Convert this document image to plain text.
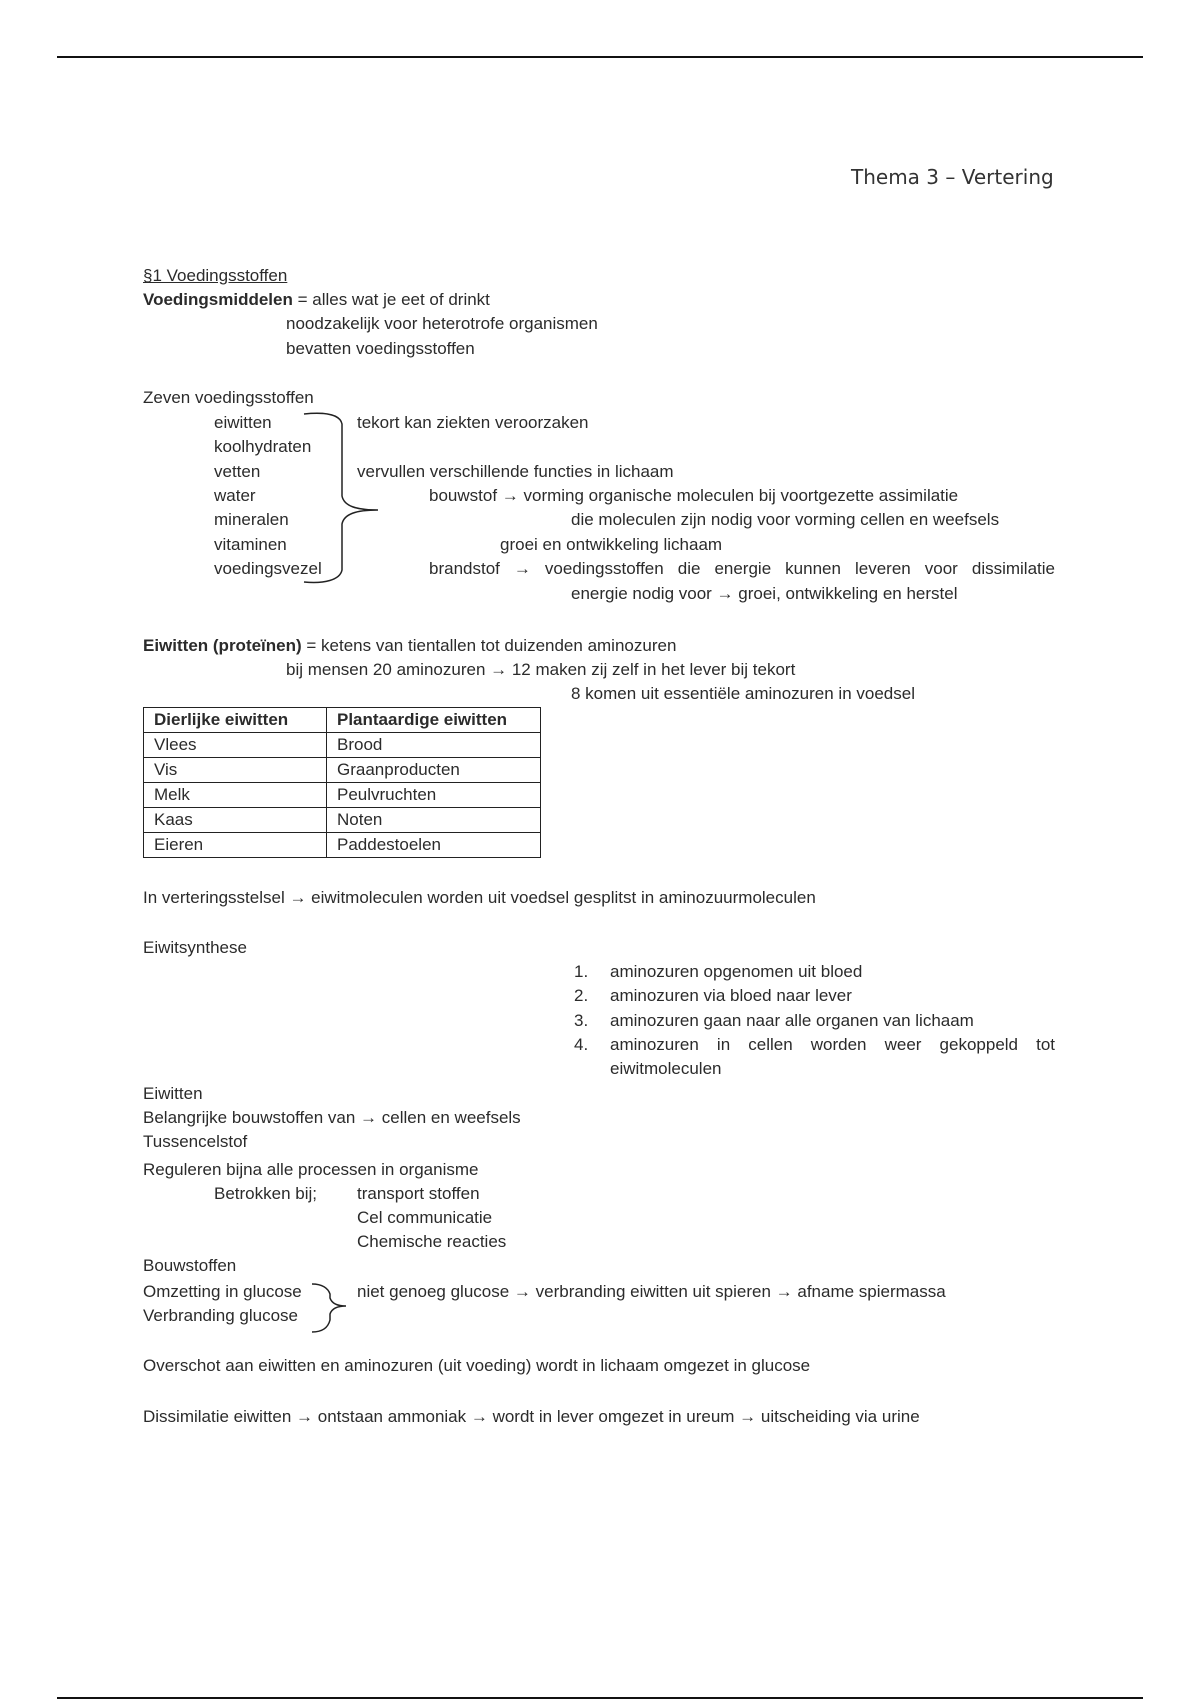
Thema 3 – Vertering
§1 Voedingsstoffen
Voedingsmiddelen = alles wat je eet of drinkt
noodzakelijk voor heterotrofe organismen
bevatten voedingsstoffen
Zeven voedingsstoffen
eiwitten
koolhydraten
vetten
water
mineralen
vitaminen
voedingsvezel
tekort kan ziekten veroorzaken
vervullen verschillende functies in lichaam
bouwstof → vorming organische moleculen bij voortgezette assimilatie
die moleculen zijn nodig voor vorming cellen en weefsels
groei en ontwikkeling lichaam
brandstof → voedingsstoffen die energie kunnen leveren voor dissimilatie
energie nodig voor → groei, ontwikkeling en herstel
Eiwitten (proteïnen) = ketens van tientallen tot duizenden aminozuren
bij mensen 20 aminozuren → 12 maken zij zelf in het lever bij tekort
8 komen uit essentiële aminozuren in voedsel
Dierlijke eiwitten	Plantaardige eiwitten
Vlees	Brood
Vis	Graanproducten
Melk	Peulvruchten
Kaas	Noten
Eieren	Paddestoelen
In verteringsstelsel → eiwitmoleculen worden uit voedsel gesplitst in aminozuurmoleculen
Eiwitsynthese
1. aminozuren opgenomen uit bloed
2. aminozuren via bloed naar lever
3. aminozuren gaan naar alle organen van lichaam
4. aminozuren in cellen worden weer gekoppeld tot eiwitmoleculen
Eiwitten
Belangrijke bouwstoffen van → cellen en weefsels
Tussencelstof
Reguleren bijna alle processen in organisme
Betrokken bij; transport stoffen
Cel communicatie
Chemische reacties
Bouwstoffen
Omzetting in glucose
Verbranding glucose
niet genoeg glucose → verbranding eiwitten uit spieren → afname spiermassa
Overschot aan eiwitten en aminozuren (uit voeding) wordt in lichaam omgezet in glucose
Dissimilatie eiwitten → ontstaan ammoniak → wordt in lever omgezet in ureum → uitscheiding via urine
